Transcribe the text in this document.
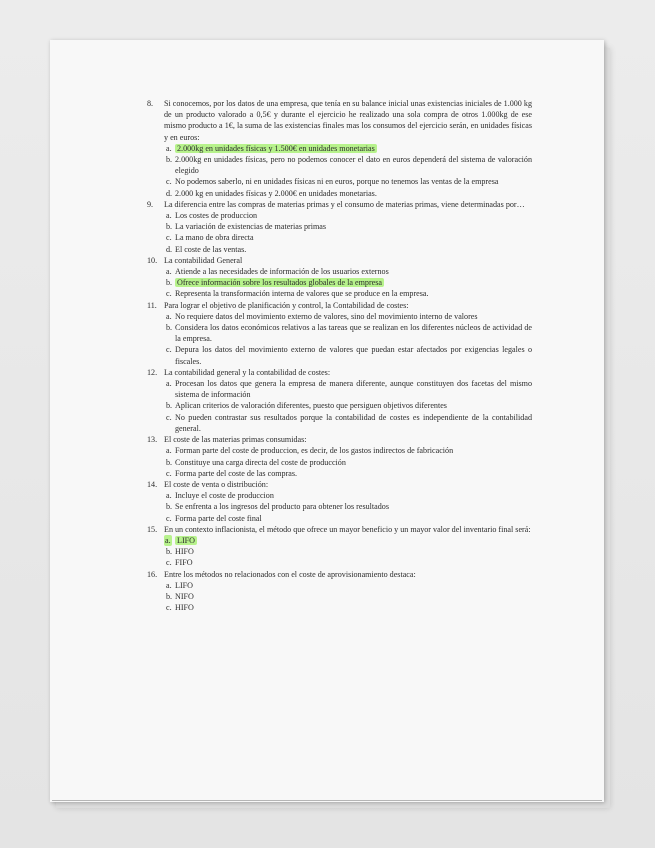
8. Si conocemos, por los datos de una empresa, que tenía en su balance inicial unas existencias iniciales de 1.000 kg de un producto valorado a 0,5€ y durante el ejercicio he realizado una sola compra de otros 1.000kg de ese mismo producto a 1€, la suma de las existencias finales mas los consumos del ejercicio serán, en unidades físicas y en euros:
a. 2.000kg en unidades físicas y 1.500€ en unidades monetarias
b. 2.000kg en unidades físicas, pero no podemos conocer el dato en euros dependerá del sistema de valoración elegido
c. No podemos saberlo, ni en unidades físicas ni en euros, porque no tenemos las ventas de la empresa
d. 2.000 kg en unidades físicas y 2.000€ en unidades monetarias.
9. La diferencia entre las compras de materias primas y el consumo de materias primas, viene determinadas por…
a. Los costes de produccion
b. La variación de existencias de materias primas
c. La mano de obra directa
d. El coste de las ventas.
10. La contabilidad General
a. Atiende a las necesidades de información de los usuarios externos
b. Ofrece información sobre los resultados globales de la empresa
c. Representa la transformación interna de valores que se produce en la empresa.
11. Para lograr el objetivo de planificación y control, la Contabilidad de costes:
a. No requiere datos del movimiento externo de valores, sino del movimiento interno de valores
b. Considera los datos económicos relativos a las tareas que se realizan en los diferentes núcleos de actividad de la empresa.
c. Depura los datos del movimiento externo de valores que puedan estar afectados por exigencias legales o fiscales.
12. La contabilidad general y la contabilidad de costes:
a. Procesan los datos que genera la empresa de manera diferente, aunque constituyen dos facetas del mismo sistema de información
b. Aplican criterios de valoración diferentes, puesto que persiguen objetivos diferentes
c. No pueden contrastar sus resultados porque la contabilidad de costes es independiente de la contabilidad general.
13. El coste de las materias primas consumidas:
a. Forman parte del coste de produccion, es decir, de los gastos indirectos de fabricación
b. Constituye una carga directa del coste de producción
c. Forma parte del coste de las compras.
14. El coste de venta o distribución:
a. Incluye el coste de produccion
b. Se enfrenta a los ingresos del producto para obtener los resultados
c. Forma parte del coste final
15. En un contexto inflacionista, el método que ofrece un mayor beneficio y un mayor valor del inventario final será:
a. LIFO
b. HIFO
c. FIFO
16. Entre los métodos no relacionados con el coste de aprovisionamiento destaca:
a. LIFO
b. NIFO
c. HIFO
